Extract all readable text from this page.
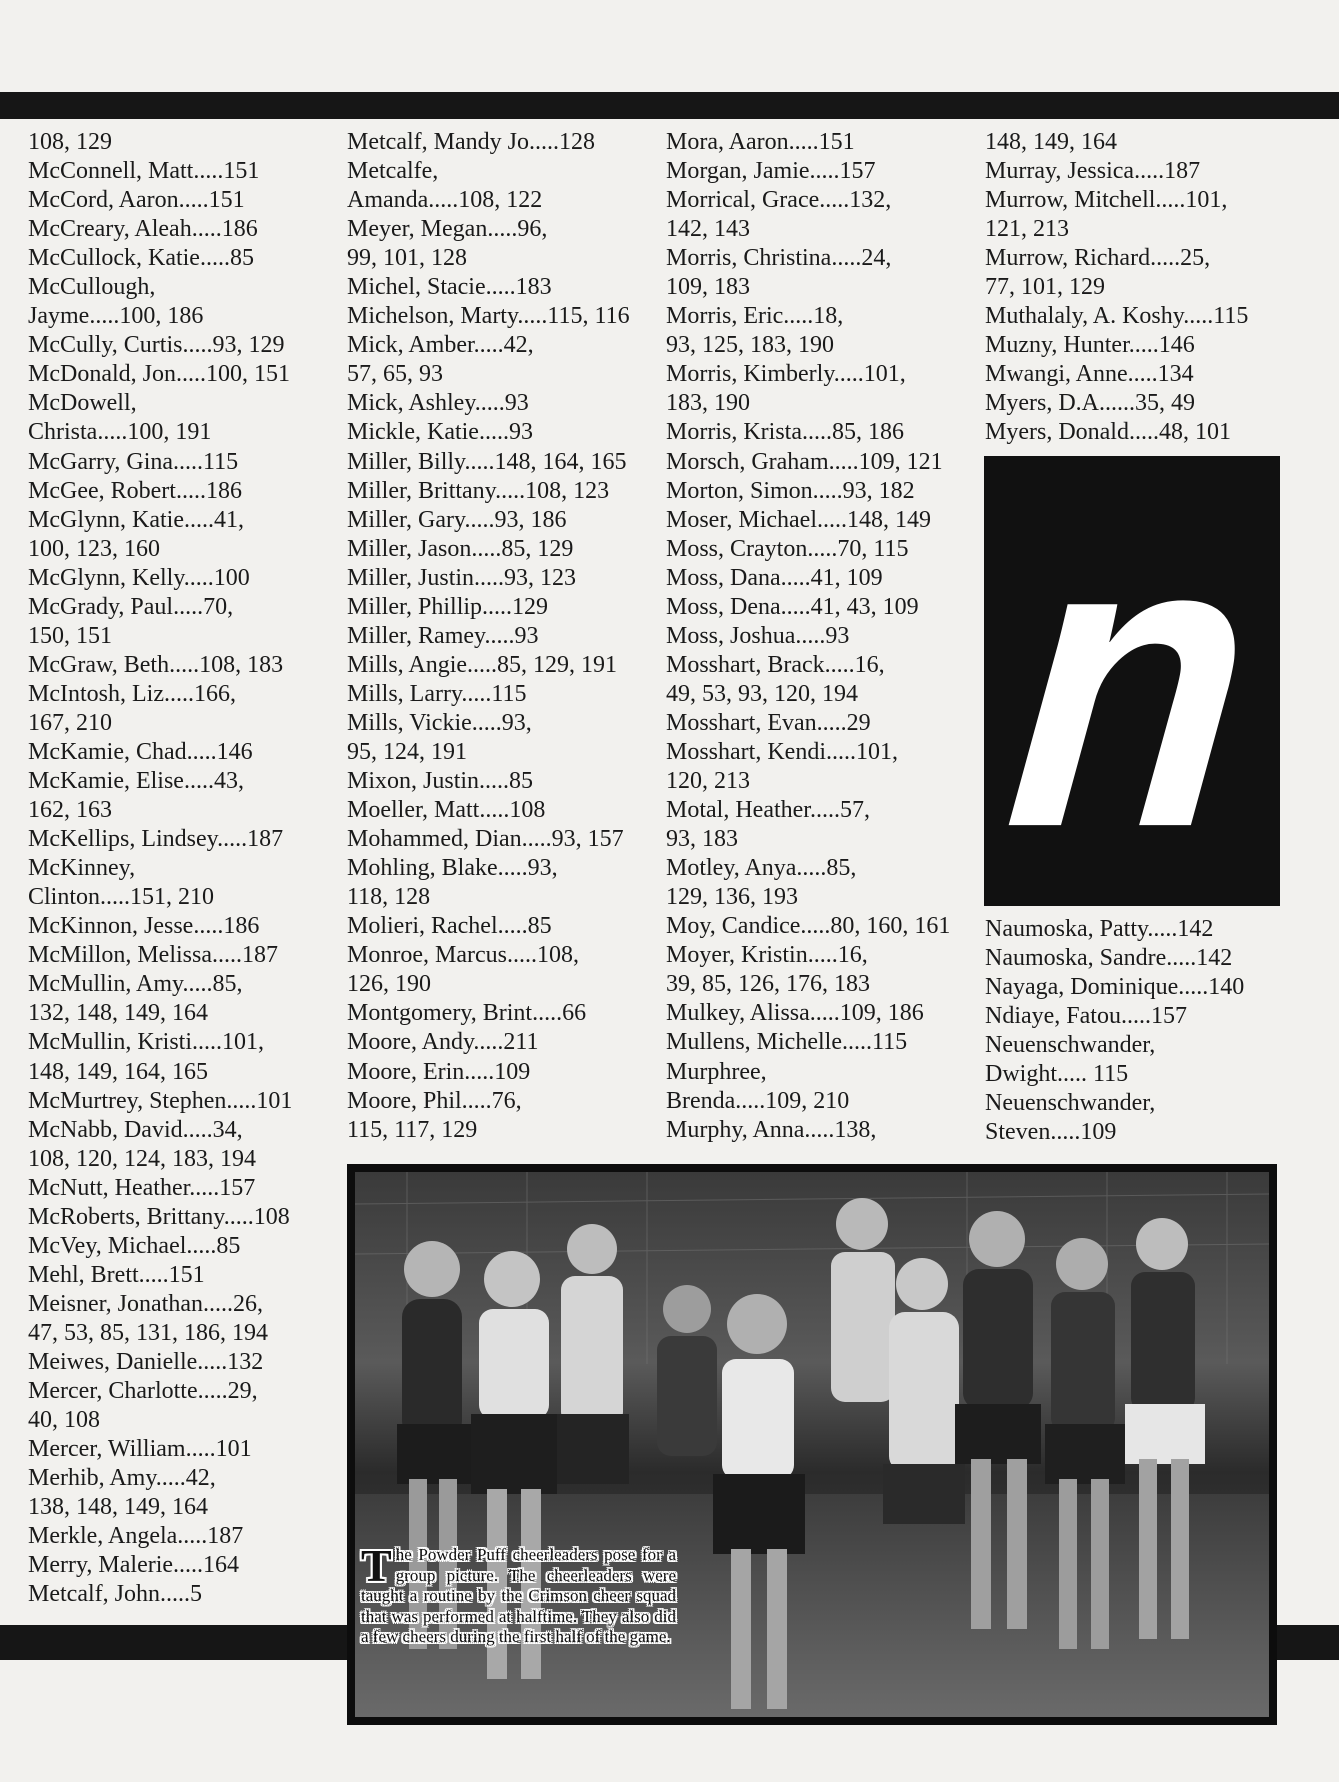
108, 129
McConnell, Matt.....151
McCord, Aaron.....151
McCreary, Aleah.....186
McCullock, Katie.....85
McCullough,
Jayme.....100, 186
McCully, Curtis.....93, 129
McDonald, Jon.....100, 151
McDowell,
Christa.....100, 191
McGarry, Gina.....115
McGee, Robert.....186
McGlynn, Katie.....41,
100, 123, 160
McGlynn, Kelly.....100
McGrady, Paul.....70,
150, 151
McGraw, Beth.....108, 183
McIntosh, Liz.....166,
167, 210
McKamie, Chad.....146
McKamie, Elise.....43,
162, 163
McKellips, Lindsey.....187
McKinney,
Clinton.....151, 210
McKinnon, Jesse.....186
McMillon, Melissa.....187
McMullin, Amy.....85,
132, 148, 149, 164
McMullin, Kristi.....101,
148, 149, 164, 165
McMurtrey, Stephen.....101
McNabb, David.....34,
108, 120, 124, 183, 194
McNutt, Heather.....157
McRoberts, Brittany.....108
McVey, Michael.....85
Mehl, Brett.....151
Meisner, Jonathan.....26,
47, 53, 85, 131, 186, 194
Meiwes, Danielle.....132
Mercer, Charlotte.....29,
40, 108
Mercer, William.....101
Merhib, Amy.....42,
138, 148, 149, 164
Merkle, Angela.....187
Merry, Malerie.....164
Metcalf, John.....5
Metcalf, Mandy Jo.....128
Metcalfe,
Amanda.....108, 122
Meyer, Megan.....96,
99, 101, 128
Michel, Stacie.....183
Michelson, Marty.....115, 116
Mick, Amber.....42,
57, 65, 93
Mick, Ashley.....93
Mickle, Katie.....93
Miller, Billy.....148, 164, 165
Miller, Brittany.....108, 123
Miller, Gary.....93, 186
Miller, Jason.....85, 129
Miller, Justin.....93, 123
Miller, Phillip.....129
Miller, Ramey.....93
Mills, Angie.....85, 129, 191
Mills, Larry.....115
Mills, Vickie.....93,
95, 124, 191
Mixon, Justin.....85
Moeller, Matt.....108
Mohammed, Dian.....93, 157
Mohling, Blake.....93,
118, 128
Molieri, Rachel.....85
Monroe, Marcus.....108,
126, 190
Montgomery, Brint.....66
Moore, Andy.....211
Moore, Erin.....109
Moore, Phil.....76,
115, 117, 129
Mora, Aaron.....151
Morgan, Jamie.....157
Morrical, Grace.....132,
142, 143
Morris, Christina.....24,
109, 183
Morris, Eric.....18,
93, 125, 183, 190
Morris, Kimberly.....101,
183, 190
Morris, Krista.....85, 186
Morsch, Graham.....109, 121
Morton, Simon.....93, 182
Moser, Michael.....148, 149
Moss, Crayton.....70, 115
Moss, Dana.....41, 109
Moss, Dena.....41, 43, 109
Moss, Joshua.....93
Mosshart, Brack.....16,
49, 53, 93, 120, 194
Mosshart, Evan.....29
Mosshart, Kendi.....101,
120, 213
Motal, Heather.....57,
93, 183
Motley, Anya.....85,
129, 136, 193
Moy, Candice.....80, 160, 161
Moyer, Kristin.....16,
39, 85, 126, 176, 183
Mulkey, Alissa.....109, 186
Mullens, Michelle.....115
Murphree,
Brenda.....109, 210
Murphy, Anna.....138,
148, 149, 164
Murray, Jessica.....187
Murrow, Mitchell.....101,
121, 213
Murrow, Richard.....25,
77, 101, 129
Muthalaly, A. Koshy.....115
Muzny, Hunter.....146
Mwangi, Anne.....134
Myers, D.A......35, 49
Myers, Donald.....48, 101
n
Naumoska, Patty.....142
Naumoska, Sandre.....142
Nayaga, Dominique.....140
Ndiaye, Fatou.....157
Neuenschwander,
Dwight..... 115
Neuenschwander,
Steven.....109
The Powder Puff cheerleaders pose for a group picture. The cheerleaders were taught a routine by the Crimson cheer squad that was performed at halftime. They also did a few cheers during the first half of the game.
